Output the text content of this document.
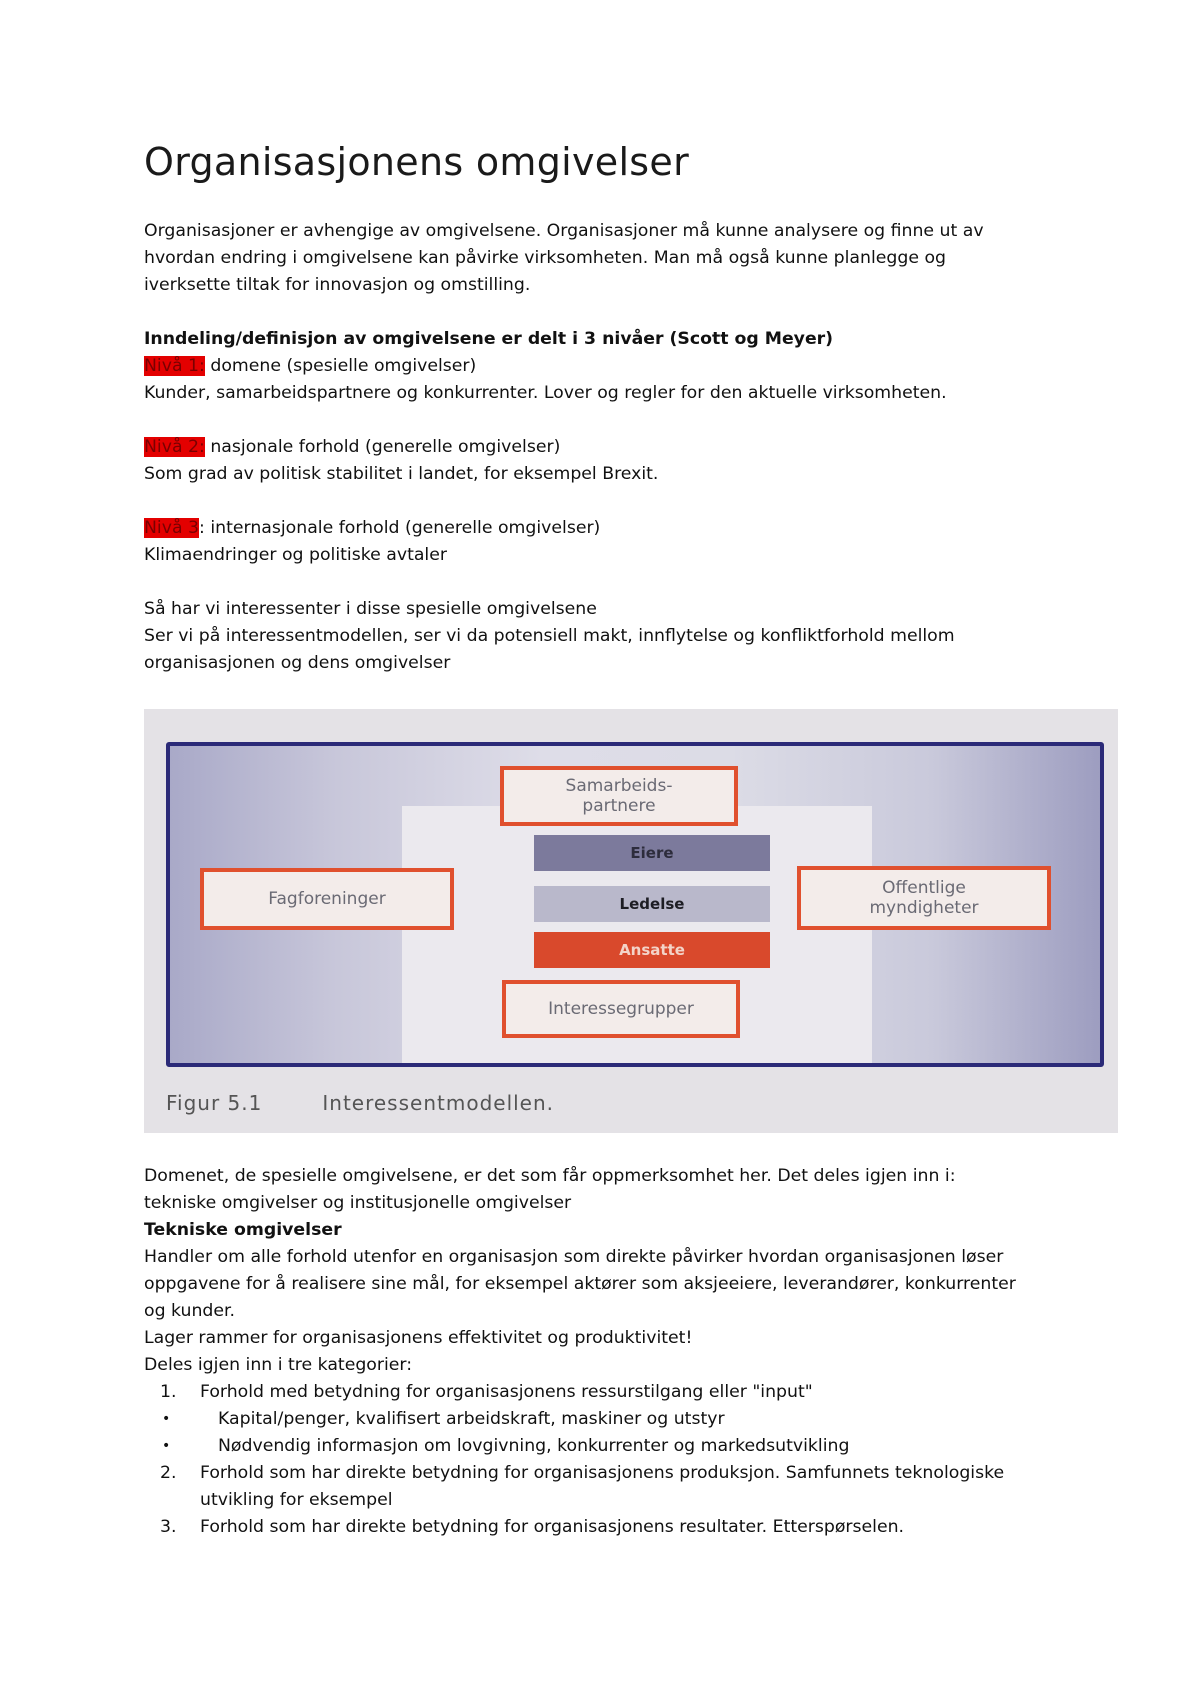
Organisasjonens omgivelser

Organisasjoner er avhengige av omgivelsene. Organisasjoner må kunne analysere og finne ut av

hvordan endring i omgivelsene kan påvirke virksomheten. Man må også kunne planlegge og

iverksette tiltak for innovasjon og omstilling.

Inndeling/definisjon av omgivelsene er delt i 3 nivåer (Scott og Meyer)

Nivå 1: domene (spesielle omgivelser)

Kunder, samarbeidspartnere og konkurrenter. Lover og regler for den aktuelle virksomheten.

Nivå 2: nasjonale forhold (generelle omgivelser)

Som grad av politisk stabilitet i landet, for eksempel Brexit.

Nivå 3: internasjonale forhold (generelle omgivelser)

Klimaendringer og politiske avtaler

Så har vi interessenter i disse spesielle omgivelsene

Ser vi på interessentmodellen, ser vi da potensiell makt, innflytelse og konfliktforhold mellom

organisasjonen og dens omgivelser

Samarbeids-
partnere
Eiere
Ledelse
Ansatte
Fagforeninger
Offentlige
myndigheter
Interessegrupper
Figur 5.1	Interessentmodellen.

Domenet, de spesielle omgivelsene, er det som får oppmerksomhet her. Det deles igjen inn i:

tekniske omgivelser og institusjonelle omgivelser

Tekniske omgivelser

Handler om alle forhold utenfor en organisasjon som direkte påvirker hvordan organisasjonen løser

oppgavene for å realisere sine mål, for eksempel aktører som aksjeeiere, leverandører, konkurrenter

og kunder.

Lager rammer for organisasjonens effektivitet og produktivitet!

Deles igjen inn i tre kategorier:

1.	Forhold med betydning for organisasjonens ressurstilgang eller "input"
•	Kapital/penger, kvalifisert arbeidskraft, maskiner og utstyr
•	Nødvendig informasjon om lovgivning, konkurrenter og markedsutvikling
2.	Forhold som har direkte betydning for organisasjonens produksjon. Samfunnets teknologiske
utvikling for eksempel
3.	Forhold som har direkte betydning for organisasjonens resultater. Etterspørselen.
